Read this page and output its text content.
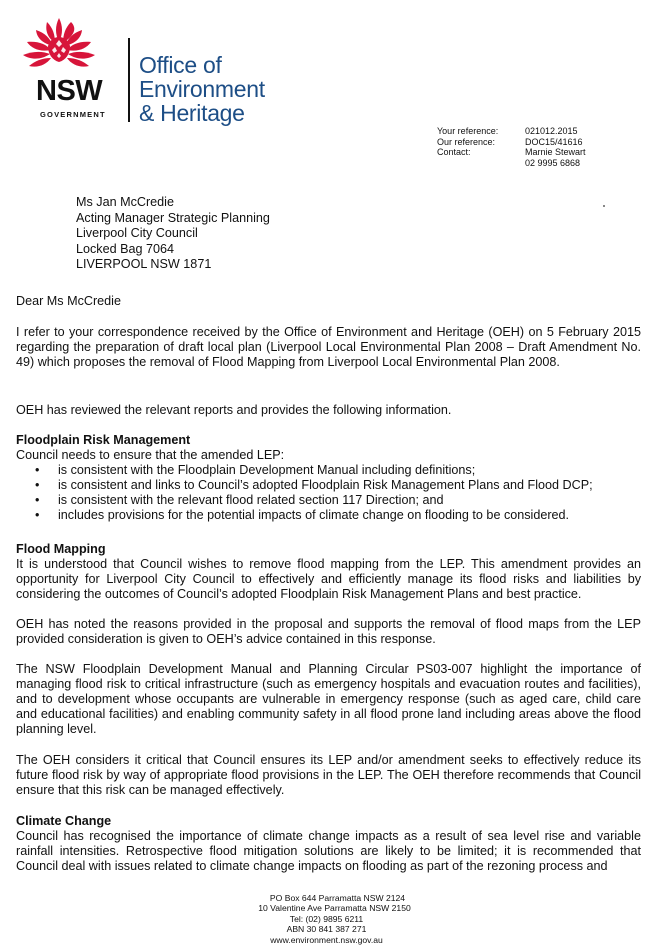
NSW
GOVERNMENT
Office of
Environment
& Heritage
Your reference:	021012.2015
Our reference:	DOC15/41616
Contact:	Marnie Stewart
02 9995 6868
Ms Jan McCredie
Acting Manager Strategic Planning
Liverpool City Council
Locked Bag 7064
LIVERPOOL NSW 1871
Dear Ms McCredie
I refer to your correspondence received by the Office of Environment and Heritage (OEH) on 5 February 2015 regarding the preparation of draft local plan (Liverpool Local Environmental Plan 2008 – Draft Amendment No. 49) which proposes the removal of Flood Mapping from Liverpool Local Environmental Plan 2008.
OEH has reviewed the relevant reports and provides the following information.
Floodplain Risk Management
Council needs to ensure that the amended LEP:
• is consistent with the Floodplain Development Manual including definitions;
• is consistent and links to Council’s adopted Floodplain Risk Management Plans and Flood DCP;
• is consistent with the relevant flood related section 117 Direction; and
• includes provisions for the potential impacts of climate change on flooding to be considered.
Flood Mapping
It is understood that Council wishes to remove flood mapping from the LEP. This amendment provides an opportunity for Liverpool City Council to effectively and efficiently manage its flood risks and liabilities by considering the outcomes of Council’s adopted Floodplain Risk Management Plans and best practice.
OEH has noted the reasons provided in the proposal and supports the removal of flood maps from the LEP provided consideration is given to OEH’s advice contained in this response.
The NSW Floodplain Development Manual and Planning Circular PS03-007 highlight the importance of managing flood risk to critical infrastructure (such as emergency hospitals and evacuation routes and facilities), and to development whose occupants are vulnerable in emergency response (such as aged care, child care and educational facilities) and enabling community safety in all flood prone land including areas above the flood planning level.
The OEH considers it critical that Council ensures its LEP and/or amendment seeks to effectively reduce its future flood risk by way of appropriate flood provisions in the LEP. The OEH therefore recommends that Council ensure that this risk can be managed effectively.
Climate Change
Council has recognised the importance of climate change impacts as a result of sea level rise and variable rainfall intensities. Retrospective flood mitigation solutions are likely to be limited; it is recommended that Council deal with issues related to climate change impacts on flooding as part of the rezoning process and
PO Box 644 Parramatta NSW 2124
10 Valentine Ave Parramatta NSW 2150
Tel: (02) 9895 6211
ABN 30 841 387 271
www.environment.nsw.gov.au
